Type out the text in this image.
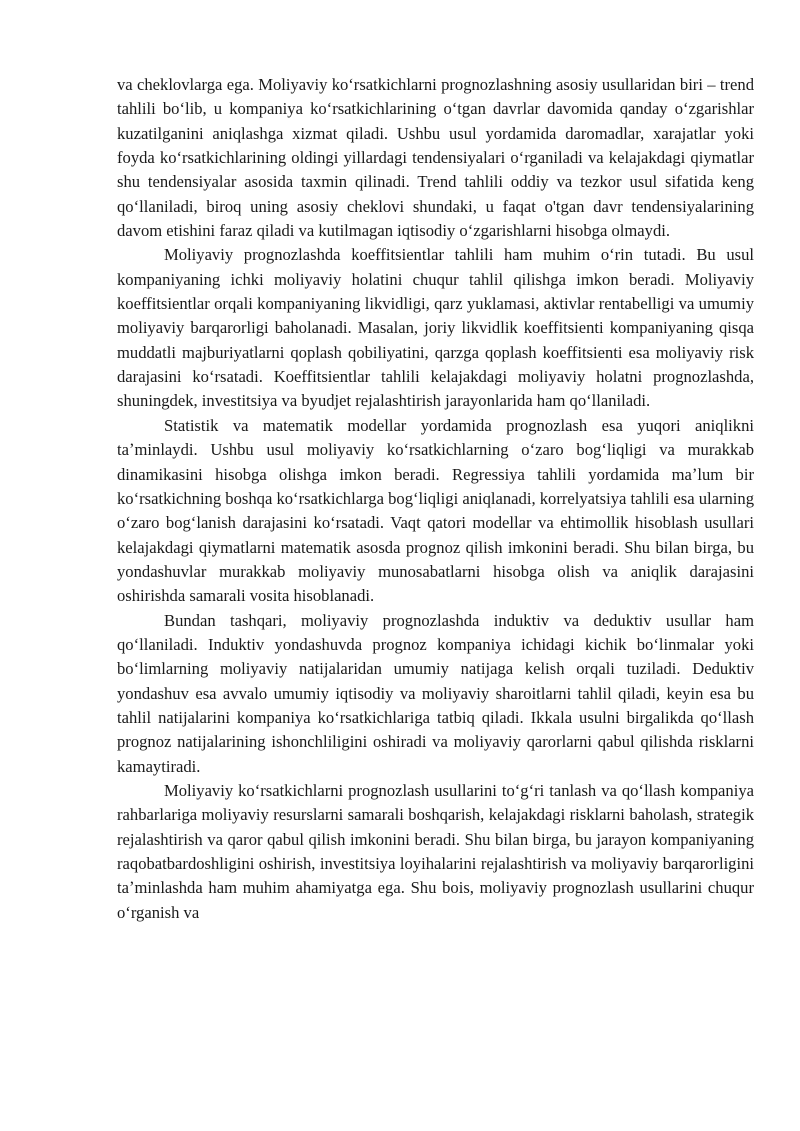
va cheklovlarga ega. Moliyaviy koʻrsatkichlarni prognozlashning asosiy usullaridan biri – trend tahlili boʻlib, u kompaniya koʻrsatkichlarining oʻtgan davrlar davomida qanday oʻzgarishlar kuzatilganini aniqlashga xizmat qiladi. Ushbu usul yordamida daromadlar, xarajatlar yoki foyda koʻrsatkichlarining oldingi yillardagi tendensiyalari oʻrganiladi va kelajakdagi qiymatlar shu tendensiyalar asosida taxmin qilinadi. Trend tahlili oddiy va tezkor usul sifatida keng qoʻllaniladi, biroq uning asosiy cheklovi shundaki, u faqat o'tgan davr tendensiyalarining davom etishini faraz qiladi va kutilmagan iqtisodiy oʻzgarishlarni hisobga olmaydi.

Moliyaviy prognozlashda koeffitsientlar tahlili ham muhim oʻrin tutadi. Bu usul kompaniyaning ichki moliyaviy holatini chuqur tahlil qilishga imkon beradi. Moliyaviy koeffitsientlar orqali kompaniyaning likvidligi, qarz yuklamasi, aktivlar rentabelligi va umumiy moliyaviy barqarorligi baholanadi. Masalan, joriy likvidlik koeffitsienti kompaniyaning qisqa muddatli majburiyatlarni qoplash qobiliyatini, qarzga qoplash koeffitsienti esa moliyaviy risk darajasini koʻrsatadi. Koeffitsientlar tahlili kelajakdagi moliyaviy holatni prognozlashda, shuningdek, investitsiya va byudjet rejalashtirish jarayonlarida ham qoʻllaniladi.

Statistik va matematik modellar yordamida prognozlash esa yuqori aniqlikni taʼminlaydi. Ushbu usul moliyaviy koʻrsatkichlarning oʻzaro bogʻliqligi va murakkab dinamikasini hisobga olishga imkon beradi. Regressiya tahlili yordamida maʼlum bir koʻrsatkichning boshqa koʻrsatkichlarga bogʻliqligi aniqlanadi, korrelyatsiya tahlili esa ularning oʻzaro bogʻlanish darajasini koʻrsatadi. Vaqt qatori modellar va ehtimollik hisoblash usullari kelajakdagi qiymatlarni matematik asosda prognoz qilish imkonini beradi. Shu bilan birga, bu yondashuvlar murakkab moliyaviy munosabatlarni hisobga olish va aniqlik darajasini oshirishda samarali vosita hisoblanadi.

Bundan tashqari, moliyaviy prognozlashda induktiv va deduktiv usullar ham qoʻllaniladi. Induktiv yondashuvda prognoz kompaniya ichidagi kichik boʻlinmalar yoki boʻlimlarning moliyaviy natijalaridan umumiy natijaga kelish orqali tuziladi. Deduktiv yondashuv esa avvalo umumiy iqtisodiy va moliyaviy sharoitlarni tahlil qiladi, keyin esa bu tahlil natijalarini kompaniya koʻrsatkichlariga tatbiq qiladi. Ikkala usulni birgalikda qoʻllash prognoz natijalarining ishonchliligini oshiradi va moliyaviy qarorlarni qabul qilishda risklarni kamaytiradi.

Moliyaviy koʻrsatkichlarni prognozlash usullarini toʻgʻri tanlash va qoʻllash kompaniya rahbarlariga moliyaviy resurslarni samarali boshqarish, kelajakdagi risklarni baholash, strategik rejalashtirish va qaror qabul qilish imkonini beradi. Shu bilan birga, bu jarayon kompaniyaning raqobatbardoshligini oshirish, investitsiya loyihalarini rejalashtirish va moliyaviy barqarorligini taʼminlashda ham muhim ahamiyatga ega. Shu bois, moliyaviy prognozlash usullarini chuqur oʻrganish va
